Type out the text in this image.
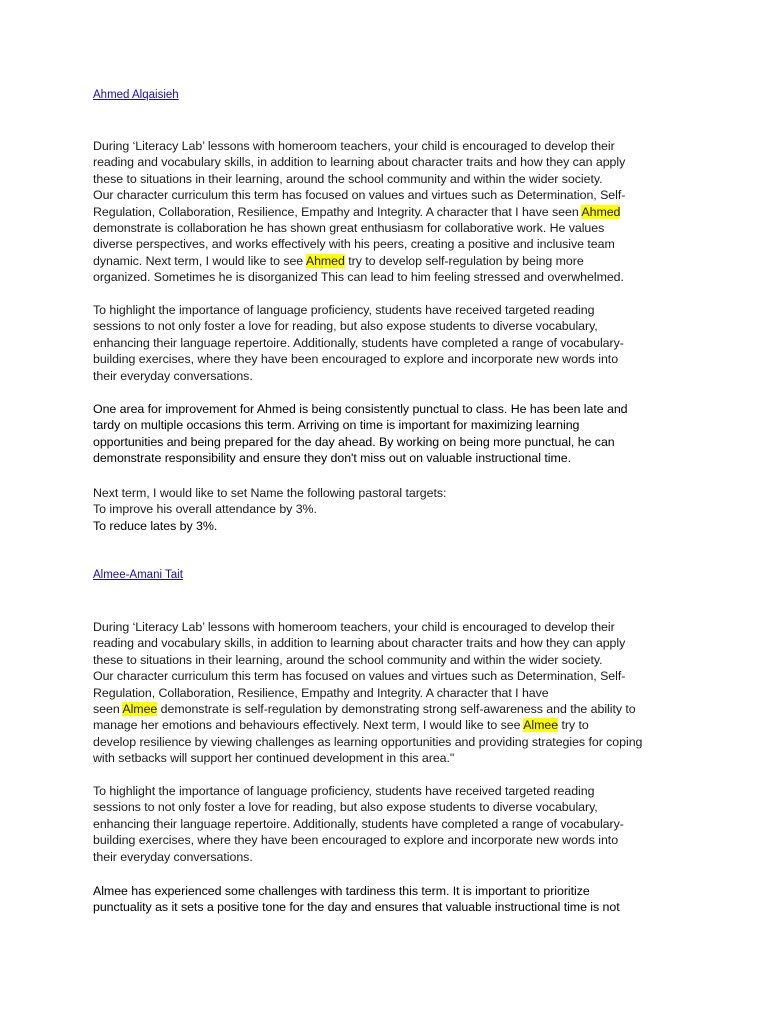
Ahmed Alqaisieh
During ‘Literacy Lab’ lessons with homeroom teachers, your child is encouraged to develop their
reading and vocabulary skills, in addition to learning about character traits and how they can apply
these to situations in their learning, around the school community and within the wider society.
Our character curriculum this term has focused on values and virtues such as Determination, Self-
Regulation, Collaboration, Resilience, Empathy and Integrity. A character that I have seen Ahmed
demonstrate is collaboration he has shown great enthusiasm for collaborative work. He values
diverse perspectives, and works effectively with his peers, creating a positive and inclusive team
dynamic. Next term, I would like to see Ahmed try to develop self-regulation by being more
organized. Sometimes he is disorganized This can lead to him feeling stressed and overwhelmed.
To highlight the importance of language proficiency, students have received targeted reading
sessions to not only foster a love for reading, but also expose students to diverse vocabulary,
enhancing their language repertoire. Additionally, students have completed a range of vocabulary-
building exercises, where they have been encouraged to explore and incorporate new words into
their everyday conversations.
One area for improvement for Ahmed is being consistently punctual to class. He has been late and
tardy on multiple occasions this term. Arriving on time is important for maximizing learning
opportunities and being prepared for the day ahead. By working on being more punctual, he can
demonstrate responsibility and ensure they don't miss out on valuable instructional time.
Next term, I would like to set Name the following pastoral targets:
To improve his overall attendance by 3%.
To reduce lates by 3%.
Almee-Amani Tait
During ‘Literacy Lab’ lessons with homeroom teachers, your child is encouraged to develop their
reading and vocabulary skills, in addition to learning about character traits and how they can apply
these to situations in their learning, around the school community and within the wider society.
Our character curriculum this term has focused on values and virtues such as Determination, Self-
Regulation, Collaboration, Resilience, Empathy and Integrity. A character that I have
seen Almee demonstrate is self-regulation by demonstrating strong self-awareness and the ability to
manage her emotions and behaviours effectively. Next term, I would like to see Almee try to
develop resilience by viewing challenges as learning opportunities and providing strategies for coping
with setbacks will support her continued development in this area."
To highlight the importance of language proficiency, students have received targeted reading
sessions to not only foster a love for reading, but also expose students to diverse vocabulary,
enhancing their language repertoire. Additionally, students have completed a range of vocabulary-
building exercises, where they have been encouraged to explore and incorporate new words into
their everyday conversations.
Almee has experienced some challenges with tardiness this term. It is important to prioritize
punctuality as it sets a positive tone for the day and ensures that valuable instructional time is not
